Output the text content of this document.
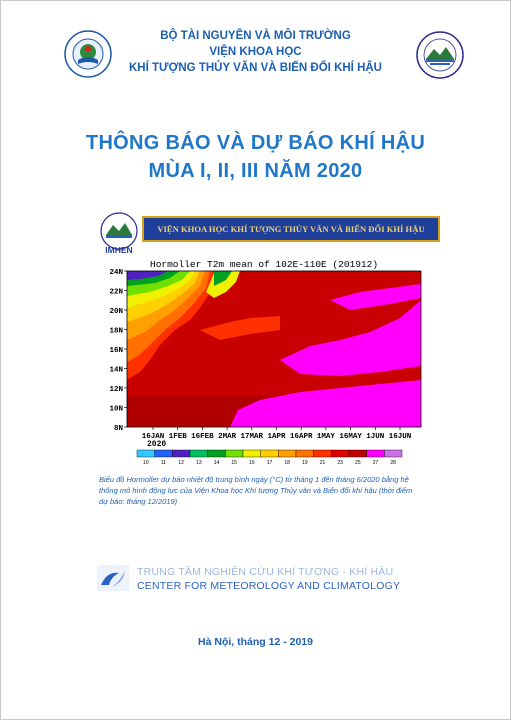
BỘ TÀI NGUYÊN VÀ MÔI TRƯỜNG
VIỆN KHOA HỌC
KHÍ TƯỢNG THỦY VĂN VÀ BIẾN ĐỔI KHÍ HẬU
THÔNG BÁO VÀ DỰ BÁO KHÍ HẬU
MÙA I, II, III NĂM 2020
IMHEN
VIỆN KHOA HỌC KHÍ TƯỢNG THỦY VĂN VÀ BIẾN ĐỔI KHÍ HẬU
Hormoller T2m mean of 102E-110E (201912)
24N
22N
20N
18N
16N
14N
12N
10N
8N
16JAN 1FEB 16FEB 2MAR 17MAR 1APR 16APR 1MAY 16MAY 1JUN 16JUN
2020
10 11 12 13 14 15 16 17 18 19 21 23 25 27 28
Biểu đồ Hormoller dự báo nhiệt độ trung bình ngày (°C) từ tháng 1 đến tháng 6/2020 bằng hệ thống mô hình động lực của Viện Khoa học Khí tượng Thủy văn và Biến đổi khí hậu (thời điểm dự báo: tháng 12/2019)
TRUNG TÂM NGHIÊN CỨU KHÍ TƯỢNG - KHÍ HẬU
CENTER FOR METEOROLOGY AND CLIMATOLOGY
Hà Nội, tháng 12 - 2019
